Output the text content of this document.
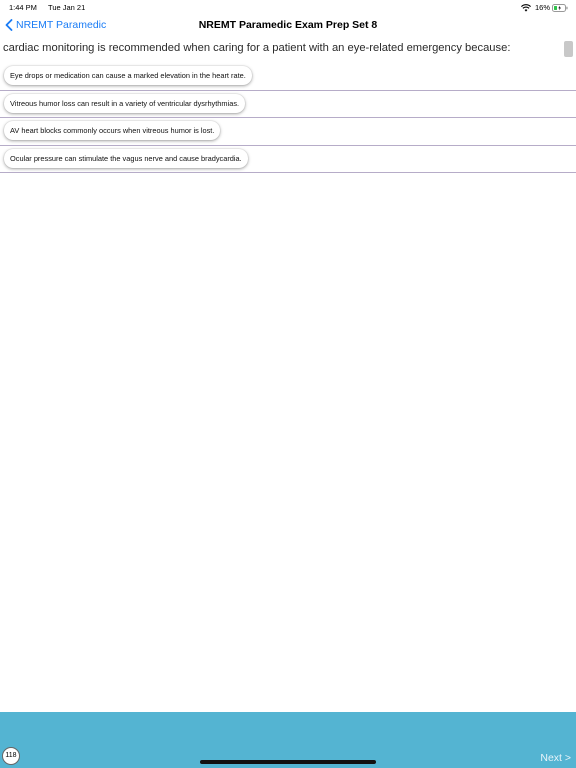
1:44 PM Tue Jan 21	16%
NREMT Paramedic Exam Prep Set 8
NREMT Paramedic
cardiac monitoring is recommended when caring for a patient with an eye-related emergency because:
Eye drops or medication can cause a marked elevation in the heart rate.
Vitreous humor loss can result in a variety of ventricular dysrhythmias.
AV heart blocks commonly occurs when vitreous humor is lost.
Ocular pressure can stimulate the vagus nerve and cause bradycardia.
118	Next >
